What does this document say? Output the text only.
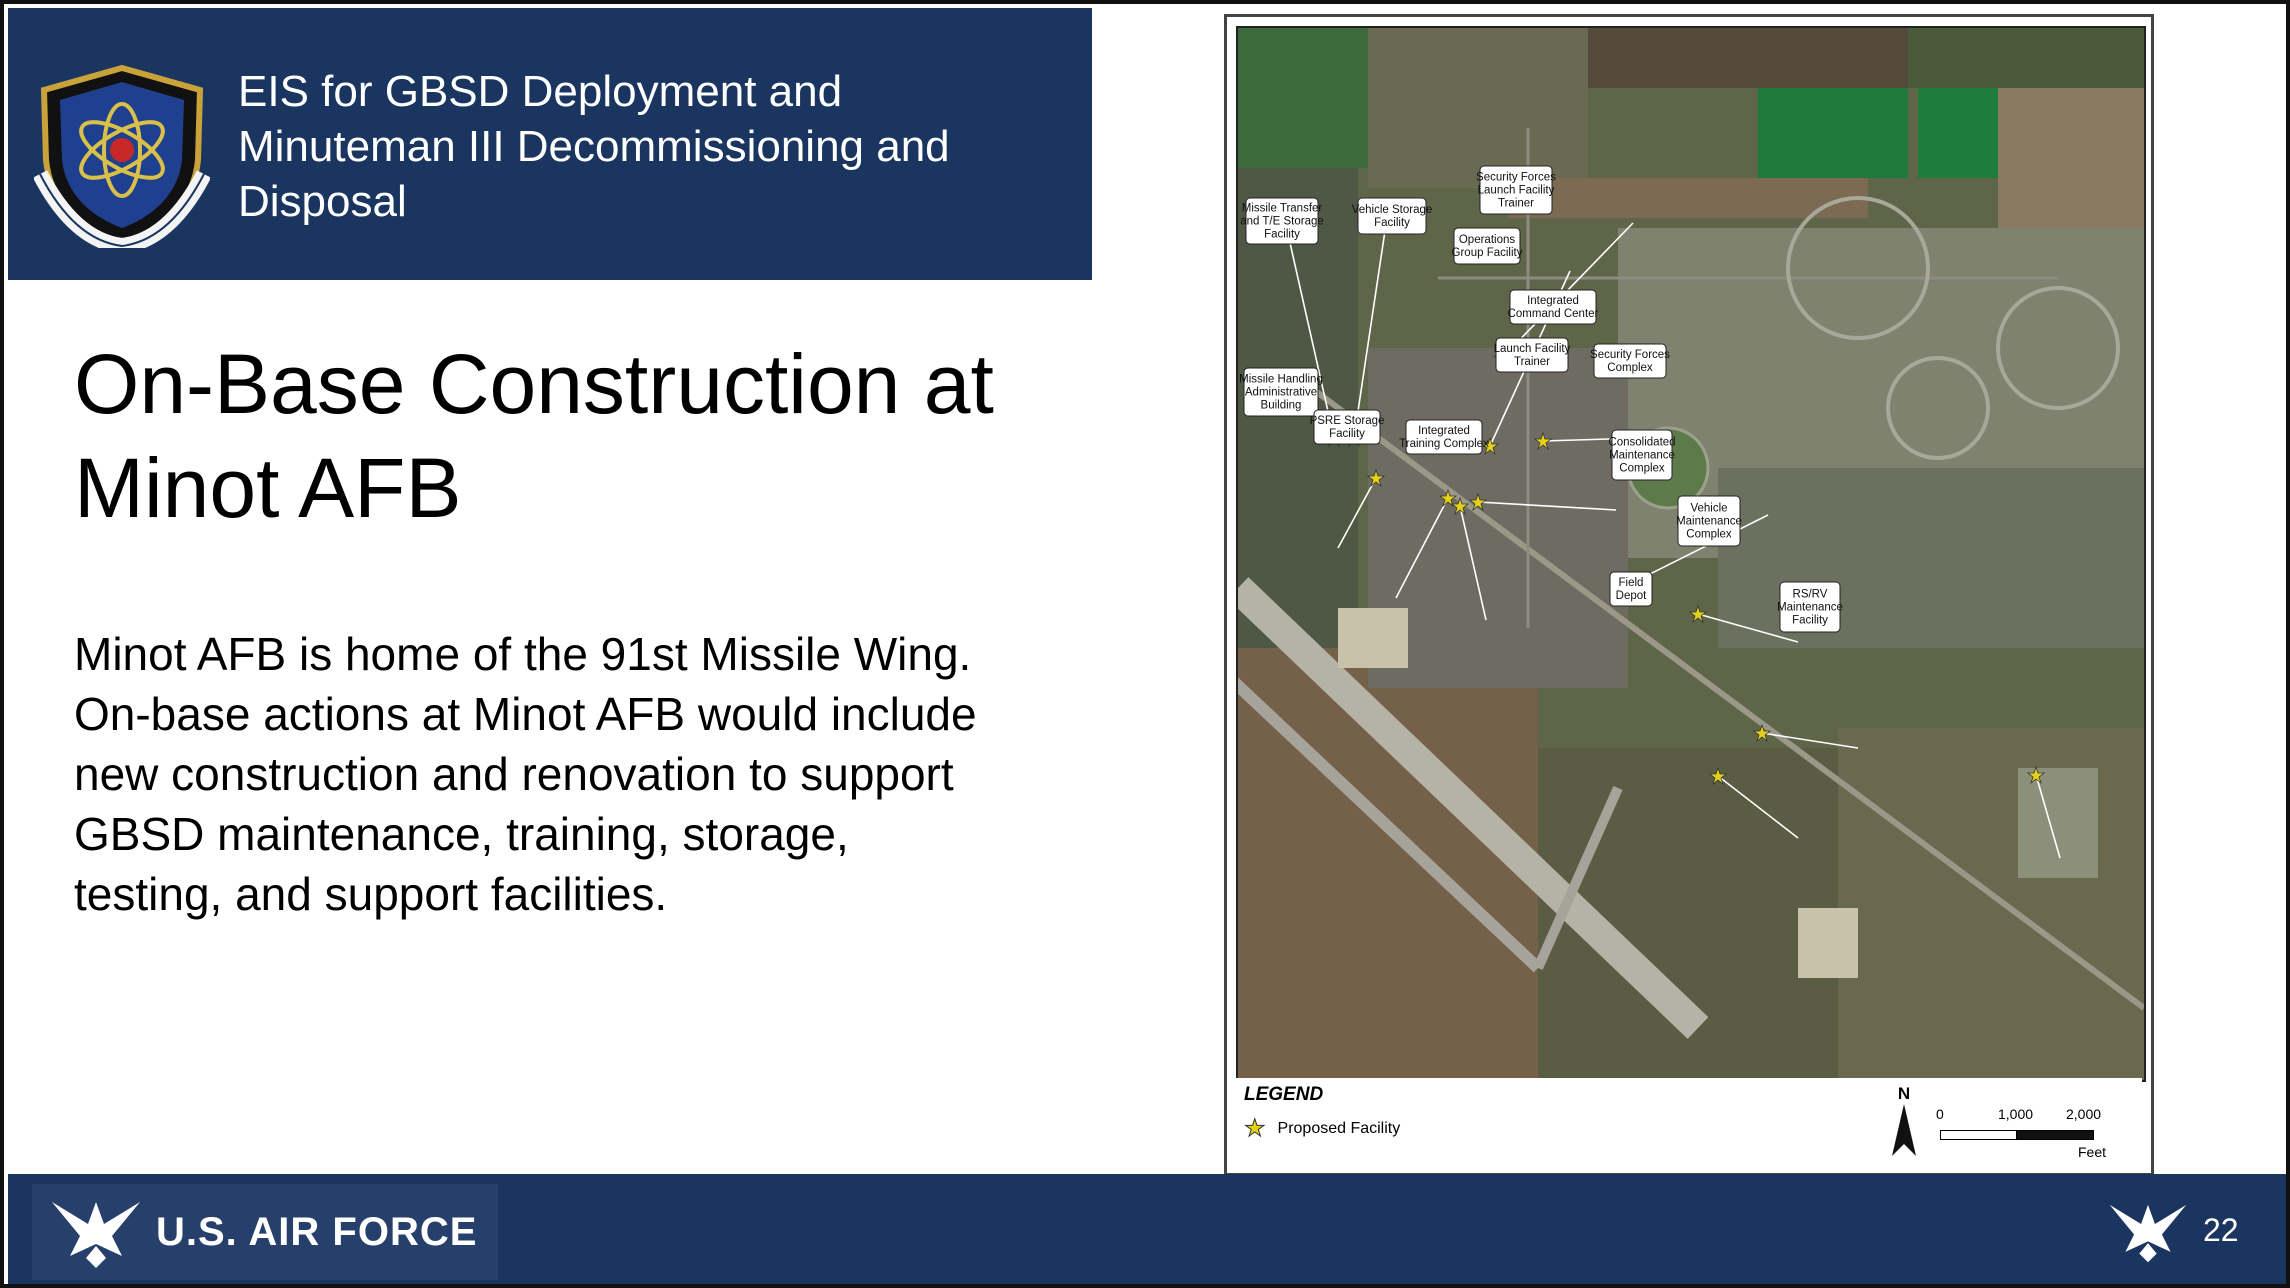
EIS for GBSD Deployment and Minuteman III Decommissioning and Disposal
On-Base Construction at Minot AFB

Minot AFB is home of the 91st Missile Wing. On-base actions at Minot AFB would include new construction and renovation to support GBSD maintenance, training, storage, testing, and support facilities.

Missile Transfer
and T/E Storage
Facility
Vehicle Storage
Facility
Security Forces
Launch Facility
Trainer
Operations
Group Facility
Integrated
Command Center
Launch Facility
Trainer
Security Forces
Complex
Missile Handling
Administrative
Building
PSRE Storage
Facility	Integrated
Training Complex	Consolidated
Maintenance
Complex
Vehicle
Maintenance
Complex
Field
Depot	RS/RV
Maintenance
Facility
LEGEND
★ Proposed Facility
N
0	1,000 2,000
Feet
U.S. AIR FORCE	22
